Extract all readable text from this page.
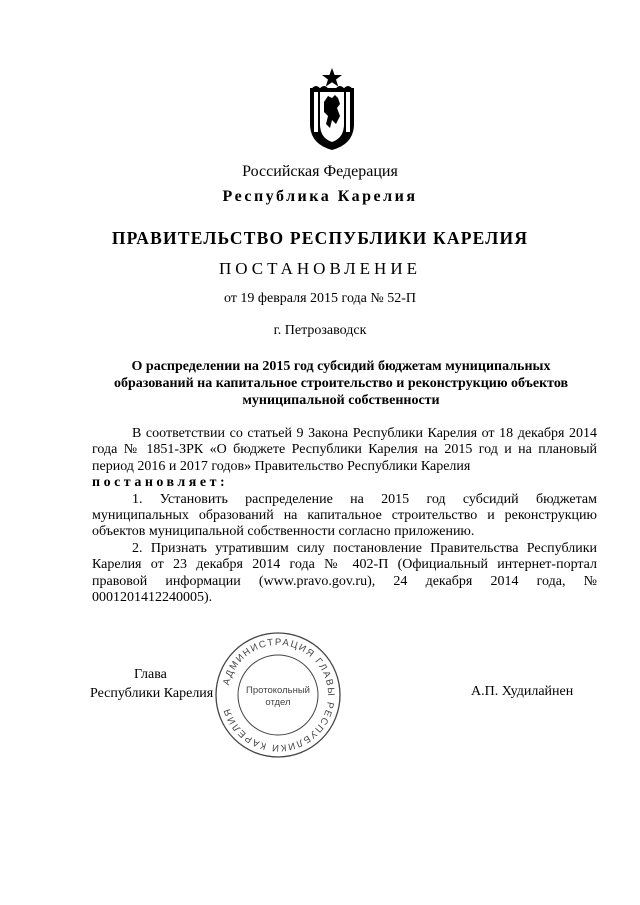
Российская Федерация
Республика Карелия
ПРАВИТЕЛЬСТВО РЕСПУБЛИКИ КАРЕЛИЯ
ПОСТАНОВЛЕНИЕ
от 19 февраля 2015 года № 52-П
г. Петрозаводск
О распределении на 2015 год субсидий бюджетам муниципальных образований на капитальное строительство и реконструкцию объектов муниципальной собственности

В соответствии со статьей 9 Закона Республики Карелия от 18 декабря 2014 года № 1851-ЗРК «О бюджете Республики Карелия на 2015 год и на плановый период 2016 и 2017 годов» Правительство Республики Карелия

постановляет:

1. Установить распределение на 2015 год субсидий бюджетам муниципальных образований на капитальное строительство и реконструкцию объектов муниципальной собственности согласно приложению.

2. Признать утратившим силу постановление Правительства Республики Карелия от 23 декабря 2014 года № 402-П (Официальный интернет-портал правовой информации (www.pravo.gov.ru), 24 декабря 2014 года, № 0001201412240005).

Глава
Республики Карелия	А.П. Худилайнен
АДМИНИСТРАЦИЯ ГЛАВЫ РЕСПУБЛИКИ КАРЕЛИЯ
Протокольный
отдел
